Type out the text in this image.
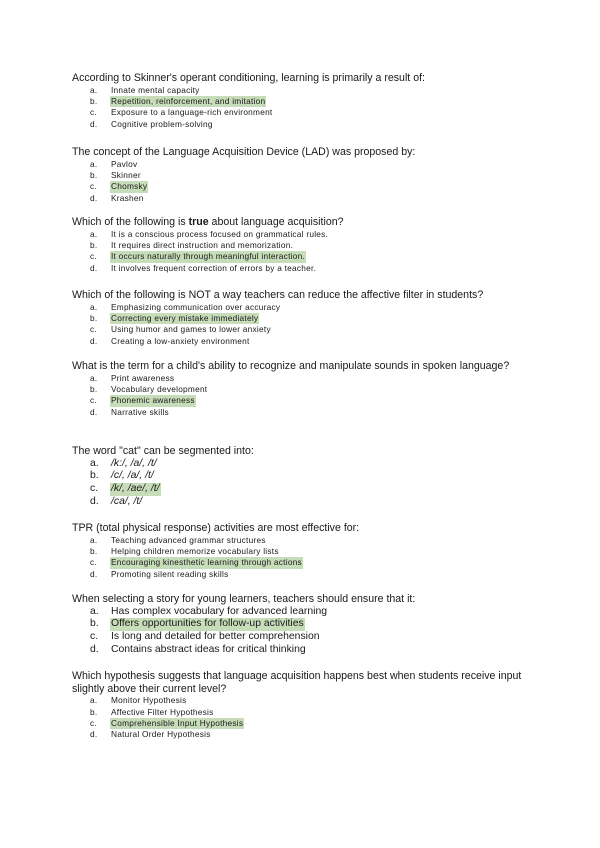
According to Skinner's operant conditioning, learning is primarily a result of:

a. Innate mental capacity
b. Repetition, reinforcement, and imitation
c. Exposure to a language-rich environment
d. Cognitive problem-solving

The concept of the Language Acquisition Device (LAD) was proposed by:

a. Pavlov
b. Skinner
c. Chomsky
d. Krashen

Which of the following is true about language acquisition?

a. It is a conscious process focused on grammatical rules.
b. It requires direct instruction and memorization.
c. It occurs naturally through meaningful interaction.
d. It involves frequent correction of errors by a teacher.

Which of the following is NOT a way teachers can reduce the affective filter in students?

a. Emphasizing communication over accuracy
b. Correcting every mistake immediately
c. Using humor and games to lower anxiety
d. Creating a low-anxiety environment

What is the term for a child's ability to recognize and manipulate sounds in spoken language?

a. Print awareness
b. Vocabulary development
c. Phonemic awareness
d. Narrative skills

The word "cat" can be segmented into:

a. /k:/, /a/, /t/
b. /c/, /a/, /t/
c. /k/, /ae/, /t/
d. /ca/, /t/

TPR (total physical response) activities are most effective for:

a. Teaching advanced grammar structures
b. Helping children memorize vocabulary lists
c. Encouraging kinesthetic learning through actions
d. Promoting silent reading skills

When selecting a story for young learners, teachers should ensure that it:

a. Has complex vocabulary for advanced learning
b. Offers opportunities for follow-up activities
c. Is long and detailed for better comprehension
d. Contains abstract ideas for critical thinking

Which hypothesis suggests that language acquisition happens best when students receive input slightly above their current level?

a. Monitor Hypothesis
b. Affective Filter Hypothesis
c. Comprehensible Input Hypothesis
d. Natural Order Hypothesis
